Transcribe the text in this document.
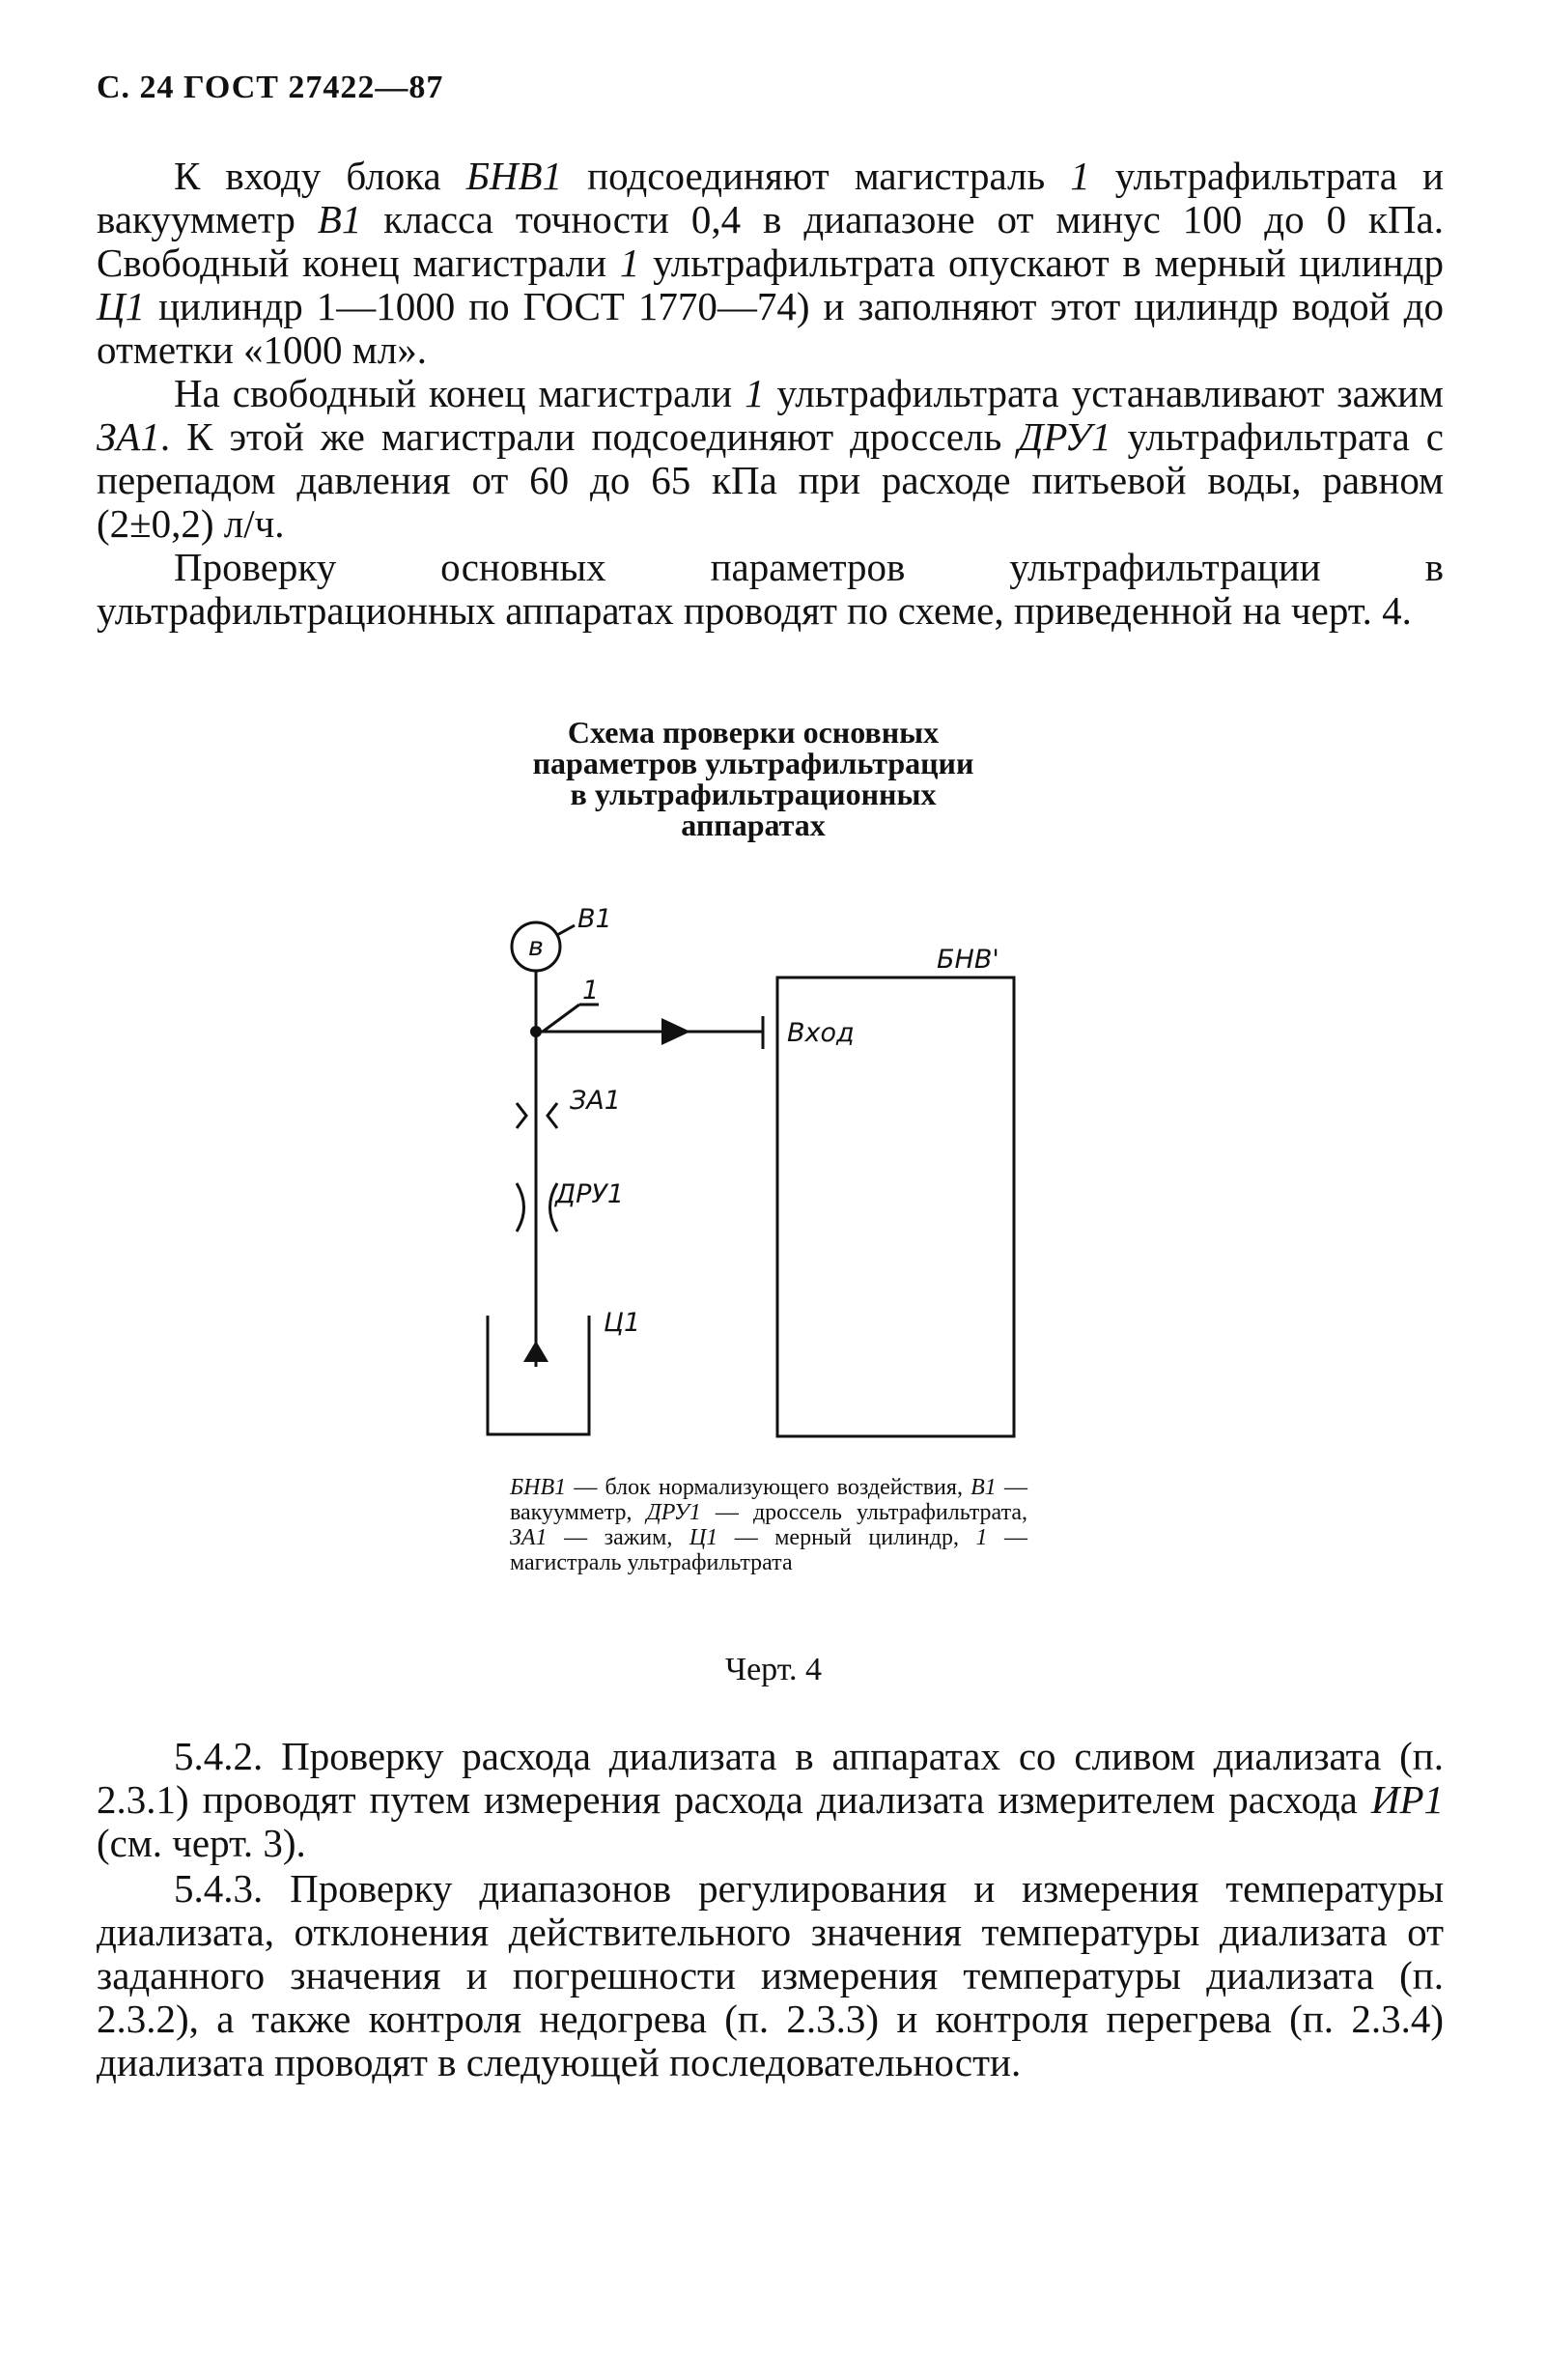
С. 24 ГОСТ 27422—87

К входу блока БНВ1 подсоединяют магистраль 1 ультрафильтрата и вакуумметр В1 класса точности 0,4 в диапазоне от минус 100 до 0 кПа. Свободный конец магистрали 1 ультрафильтрата опускают в мерный цилиндр Ц1 цилиндр 1—1000 по ГОСТ 1770—74) и заполняют этот цилиндр водой до отметки «1000 мл».

На свободный конец магистрали 1 ультрафильтрата устанавливают зажим ЗА1. К этой же магистрали подсоединяют дроссель ДРУ1 ультрафильтрата с перепадом давления от 60 до 65 кПа при расходе питьевой воды, равном (2±0,2) л/ч.

Проверку основных параметров ультрафильтрации в ультрафильтрационных аппаратах проводят по схеме, приведенной на черт. 4.

Схема проверки основных
параметров ультрафильтрации
в ультрафильтрационных
аппаратах
в
В1
БНВ'
Вход
1
ЗА1
ДРУ1
Ц1

БНВ1 — блок нормализующего воздействия, В1 — вакуумметр, ДРУ1 — дроссель ультрафильтрата, ЗА1 — зажим, Ц1 — мерный цилиндр, 1 — магистраль ультрафильтрата

Черт. 4

5.4.2. Проверку расхода диализата в аппаратах со сливом диализата (п. 2.3.1) проводят путем измерения расхода диализата измерителем расхода ИР1 (см. черт. 3).

5.4.3. Проверку диапазонов регулирования и измерения температуры диализата, отклонения действительного значения температуры диализата от заданного значения и погрешности измерения температуры диализата (п. 2.3.2), а также контроля недогрева (п. 2.3.3) и контроля перегрева (п. 2.3.4) диализата проводят в следующей последовательности.
